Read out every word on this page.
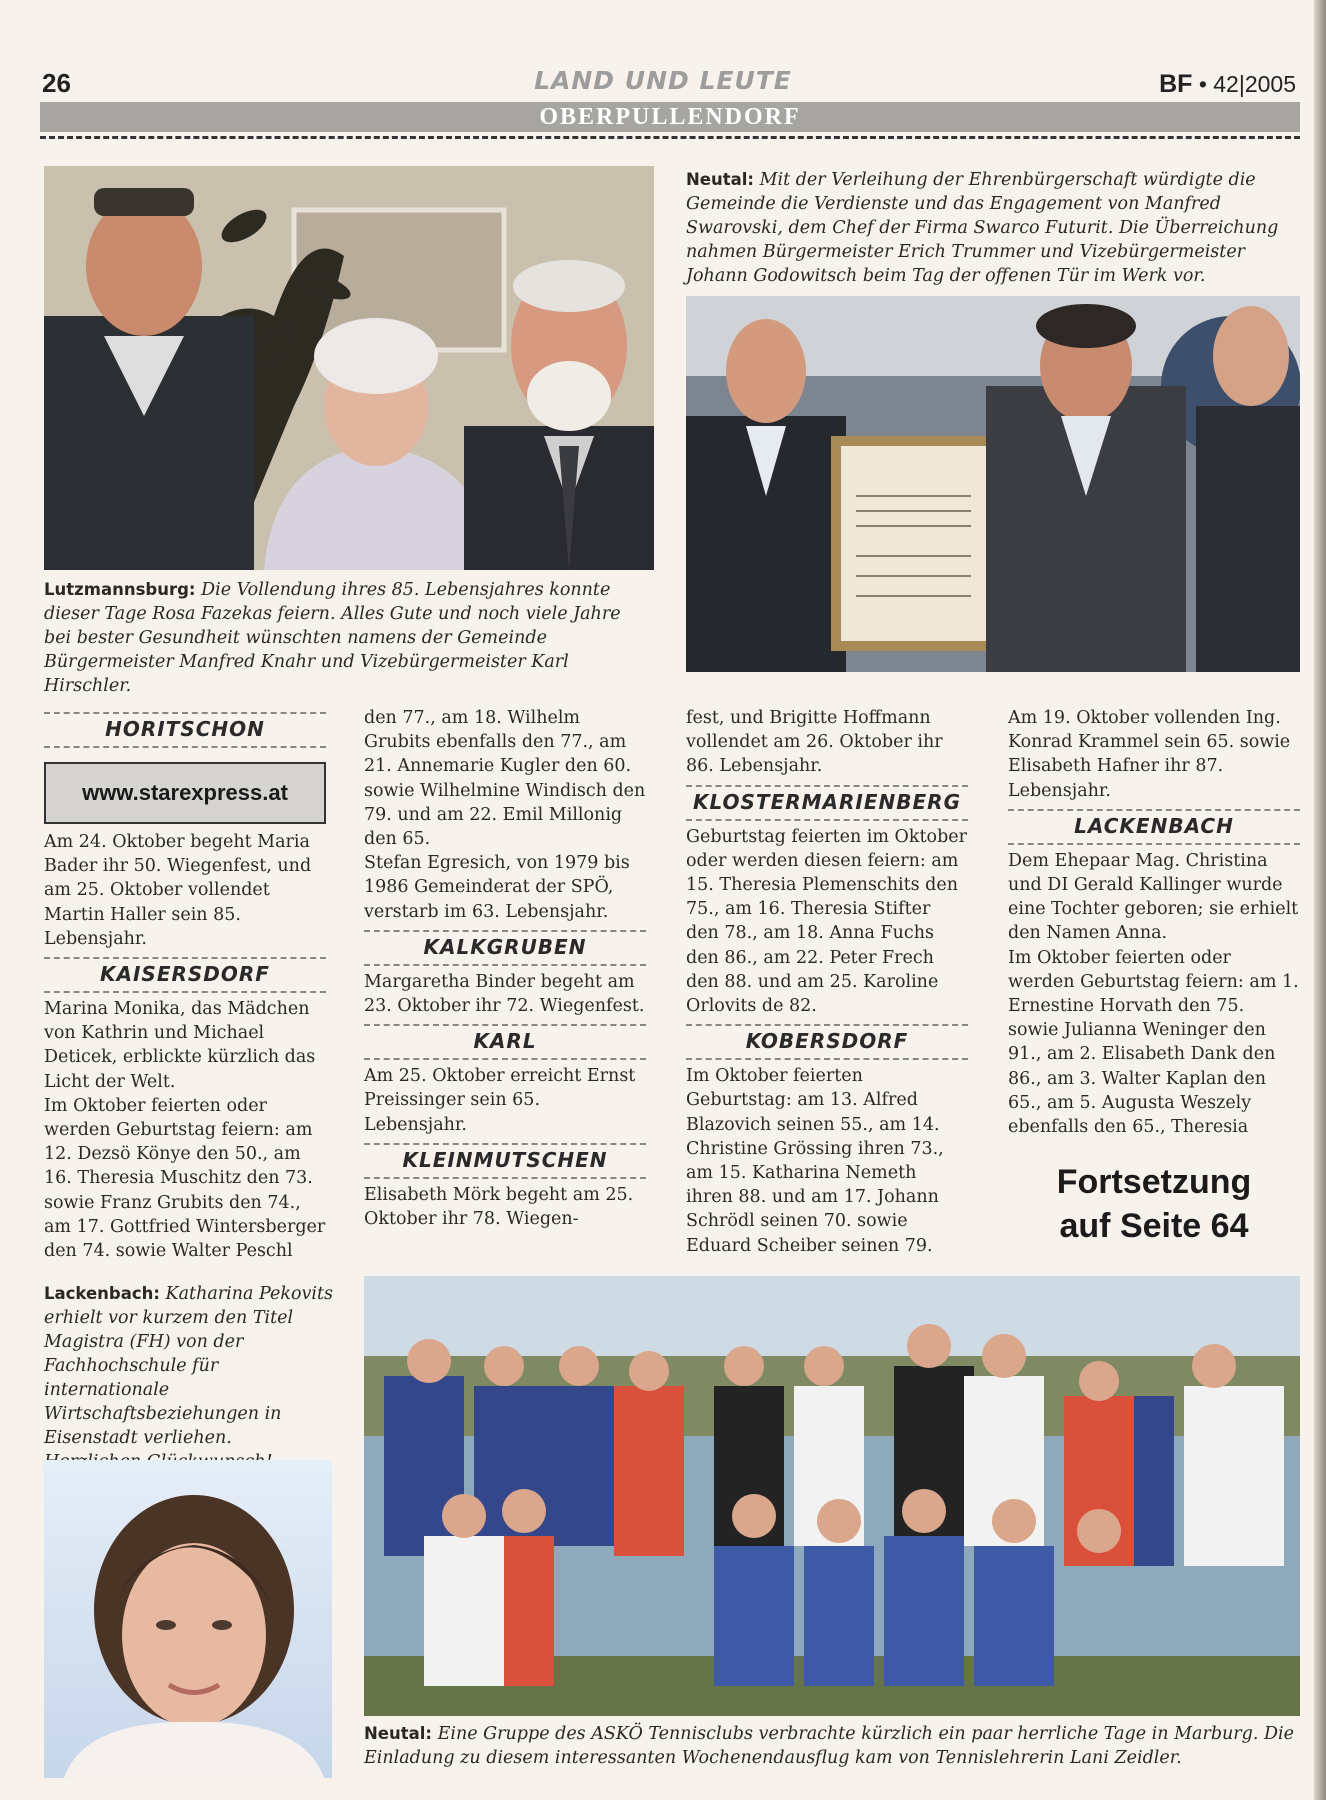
26	LAND UND LEUTE	BF • 42|2005
OBERPULLENDORF
Lutzmannsburg: Die Vollendung ihres 85. Lebensjahres konnte dieser Tage Rosa Fazekas feiern. Alles Gute und noch viele Jahre bei bester Gesundheit wünschten namens der Gemeinde Bürgermeister Manfred Knahr und Vizebürgermeister Karl Hirschler.
Neutal: Mit der Verleihung der Ehrenbürgerschaft würdigte die Gemeinde die Verdienste und das Engagement von Manfred Swarovski, dem Chef der Firma Swarco Futurit. Die Überreichung nahmen Bürgermeister Erich Trummer und Vizebürgermeister Johann Godowitsch beim Tag der offenen Tür im Werk vor.
HORITSCHON
www.starexpress.at

Am 24. Oktober begeht Maria Bader ihr 50. Wiegenfest, und am 25. Oktober vollendet Martin Haller sein 85. Lebensjahr.

KAISERSDORF

Marina Monika, das Mädchen von Kathrin und Michael Deticek, erblickte kürzlich das Licht der Welt.

Im Oktober feierten oder werden Geburtstag feiern: am 12. Dezsö Könye den 50., am 16. Theresia Muschitz den 73. sowie Franz Grubits den 74., am 17. Gottfried Wintersberger den 74. sowie Walter Peschl

den 77., am 18. Wilhelm Grubits ebenfalls den 77., am 21. Annemarie Kugler den 60. sowie Wilhelmine Windisch den 79. und am 22. Emil Millonig den 65.

Stefan Egresich, von 1979 bis 1986 Gemeinderat der SPÖ, verstarb im 63. Lebensjahr.

KALKGRUBEN

Margaretha Binder begeht am 23. Oktober ihr 72. Wiegenfest.

KARL

Am 25. Oktober erreicht Ernst Preissinger sein 65. Lebensjahr.

KLEINMUTSCHEN

Elisabeth Mörk begeht am 25. Oktober ihr 78. Wiegen-

fest, und Brigitte Hoffmann vollendet am 26. Oktober ihr 86. Lebensjahr.

KLOSTERMARIENBERG

Geburtstag feierten im Oktober oder werden diesen feiern: am 15. Theresia Plemenschits den 75., am 16. Theresia Stifter den 78., am 18. Anna Fuchs den 86., am 22. Peter Frech den 88. und am 25. Karoline Orlovits de 82.

KOBERSDORF

Im Oktober feierten Geburtstag: am 13. Alfred Blazovich seinen 55., am 14. Christine Grössing ihren 73., am 15. Katharina Nemeth ihren 88. und am 17. Johann Schrödl seinen 70. sowie Eduard Scheiber seinen 79.

Am 19. Oktober vollenden Ing. Konrad Krammel sein 65. sowie Elisabeth Hafner ihr 87. Lebensjahr.

LACKENBACH

Dem Ehepaar Mag. Christina und DI Gerald Kallinger wurde eine Tochter geboren; sie erhielt den Namen Anna.

Im Oktober feierten oder werden Geburtstag feiern: am 1. Ernestine Horvath den 75. sowie Julianna Weninger den 91., am 2. Elisabeth Dank den 86., am 3. Walter Kaplan den 65., am 5. Augusta Weszely ebenfalls den 65., Theresia

Fortsetzung
auf Seite 64
Lackenbach: Katharina Pekovits erhielt vor kurzem den Titel Magistra (FH) von der Fachhochschule für internationale Wirtschaftsbeziehungen in Eisenstadt verliehen.
Neutal: Eine Gruppe des ASKÖ Tennisclubs verbrachte kürzlich ein paar herrliche Tage in Marburg. Die Einladung zu diesem interessanten Wochenendausflug kam von Tennislehrerin Lani Zeidler.
